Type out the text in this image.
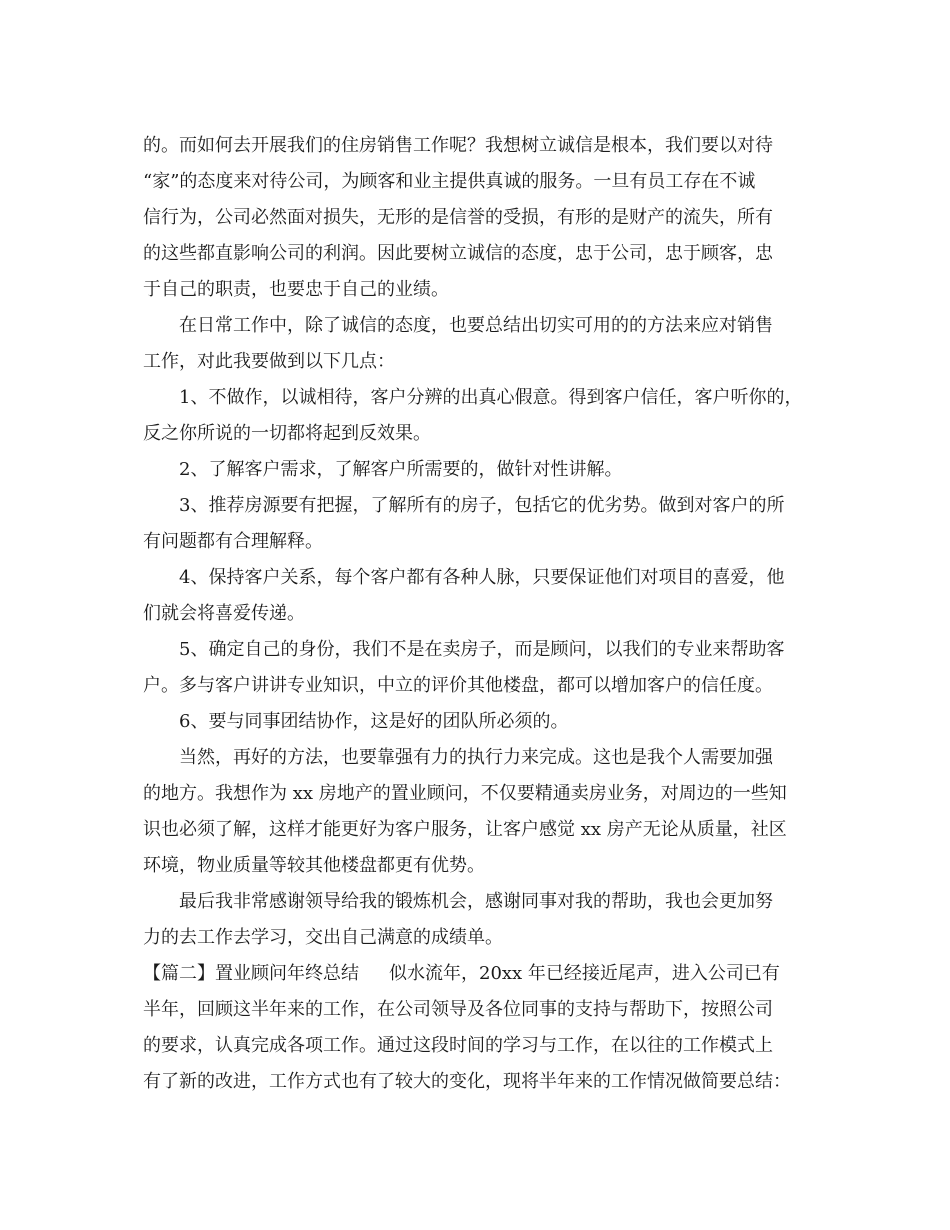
的。而如何去开展我们的住房销售工作呢？我想树立诚信是根本，我们要以对待
“家”的态度来对待公司，为顾客和业主提供真诚的服务。一旦有员工存在不诚
信行为，公司必然面对损失，无形的是信誉的受损，有形的是财产的流失，所有
的这些都直影响公司的利润。因此要树立诚信的态度，忠于公司，忠于顾客，忠
于自己的职责，也要忠于自己的业绩。
在日常工作中，除了诚信的态度，也要总结出切实可用的的方法来应对销售
工作，对此我要做到以下几点：
1、不做作，以诚相待，客户分辨的出真心假意。得到客户信任，客户听你的，
反之你所说的一切都将起到反效果。
2、了解客户需求，了解客户所需要的，做针对性讲解。
3、推荐房源要有把握，了解所有的房子，包括它的优劣势。做到对客户的所
有问题都有合理解释。
4、保持客户关系，每个客户都有各种人脉，只要保证他们对项目的喜爱，他
们就会将喜爱传递。
5、确定自己的身份，我们不是在卖房子，而是顾问，以我们的专业来帮助客
户。多与客户讲讲专业知识，中立的评价其他楼盘，都可以增加客户的信任度。
6、要与同事团结协作，这是好的团队所必须的。
当然，再好的方法，也要靠强有力的执行力来完成。这也是我个人需要加强
的地方。我想作为 xx 房地产的置业顾问，不仅要精通卖房业务，对周边的一些知
识也必须了解，这样才能更好为客户服务，让客户感觉 xx 房产无论从质量，社区
环境，物业质量等较其他楼盘都更有优势。
最后我非常感谢领导给我的锻炼机会，感谢同事对我的帮助，我也会更加努
力的去工作去学习，交出自己满意的成绩单。
【篇二】置业顾问年终总结 似水流年，20xx 年已经接近尾声，进入公司已有
半年，回顾这半年来的工作，在公司领导及各位同事的支持与帮助下，按照公司
的要求，认真完成各项工作。通过这段时间的学习与工作，在以往的工作模式上
有了新的改进，工作方式也有了较大的变化，现将半年来的工作情况做简要总结：
